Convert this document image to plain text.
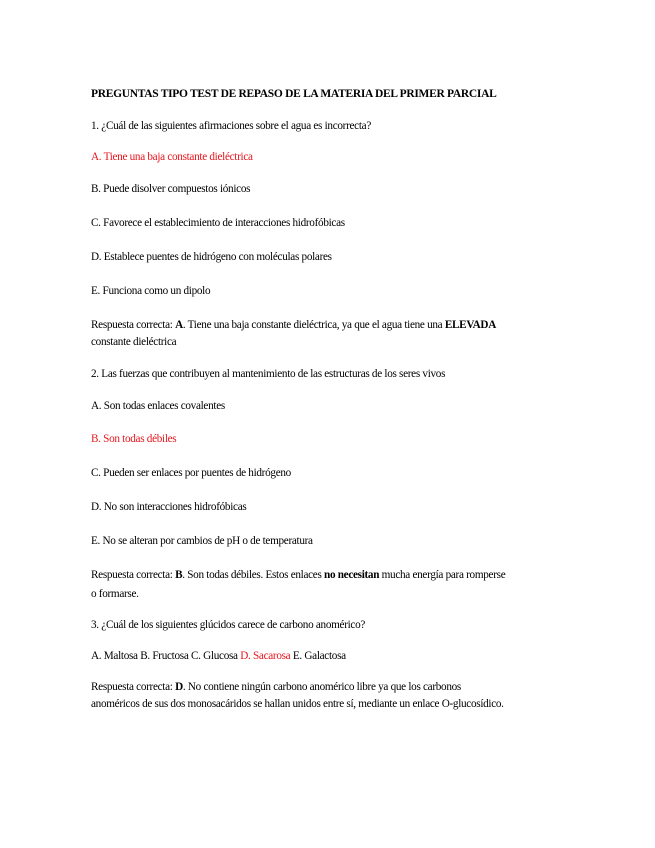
PREGUNTAS TIPO TEST DE REPASO DE LA MATERIA DEL PRIMER PARCIAL
1. ¿Cuál de las siguientes afirmaciones sobre el agua es incorrecta?
A. Tiene una baja constante dieléctrica
B. Puede disolver compuestos iónicos
C. Favorece el establecimiento de interacciones hidrofóbicas
D. Establece puentes de hidrógeno con moléculas polares
E. Funciona como un dipolo
Respuesta correcta: A. Tiene una baja constante dieléctrica, ya que el agua tiene una ELEVADA
constante dieléctrica
2. Las fuerzas que contribuyen al mantenimiento de las estructuras de los seres vivos
A. Son todas enlaces covalentes
B. Son todas débiles
C. Pueden ser enlaces por puentes de hidrógeno
D. No son interacciones hidrofóbicas
E. No se alteran por cambios de pH o de temperatura
Respuesta correcta: B. Son todas débiles. Estos enlaces no necesitan mucha energía para romperse
o formarse.
3. ¿Cuál de los siguientes glúcidos carece de carbono anomérico?
A. Maltosa B. Fructosa C. Glucosa D. Sacarosa E. Galactosa
Respuesta correcta: D. No contiene ningún carbono anomérico libre ya que los carbonos
anoméricos de sus dos monosacáridos se hallan unidos entre sí, mediante un enlace O-glucosídico.
